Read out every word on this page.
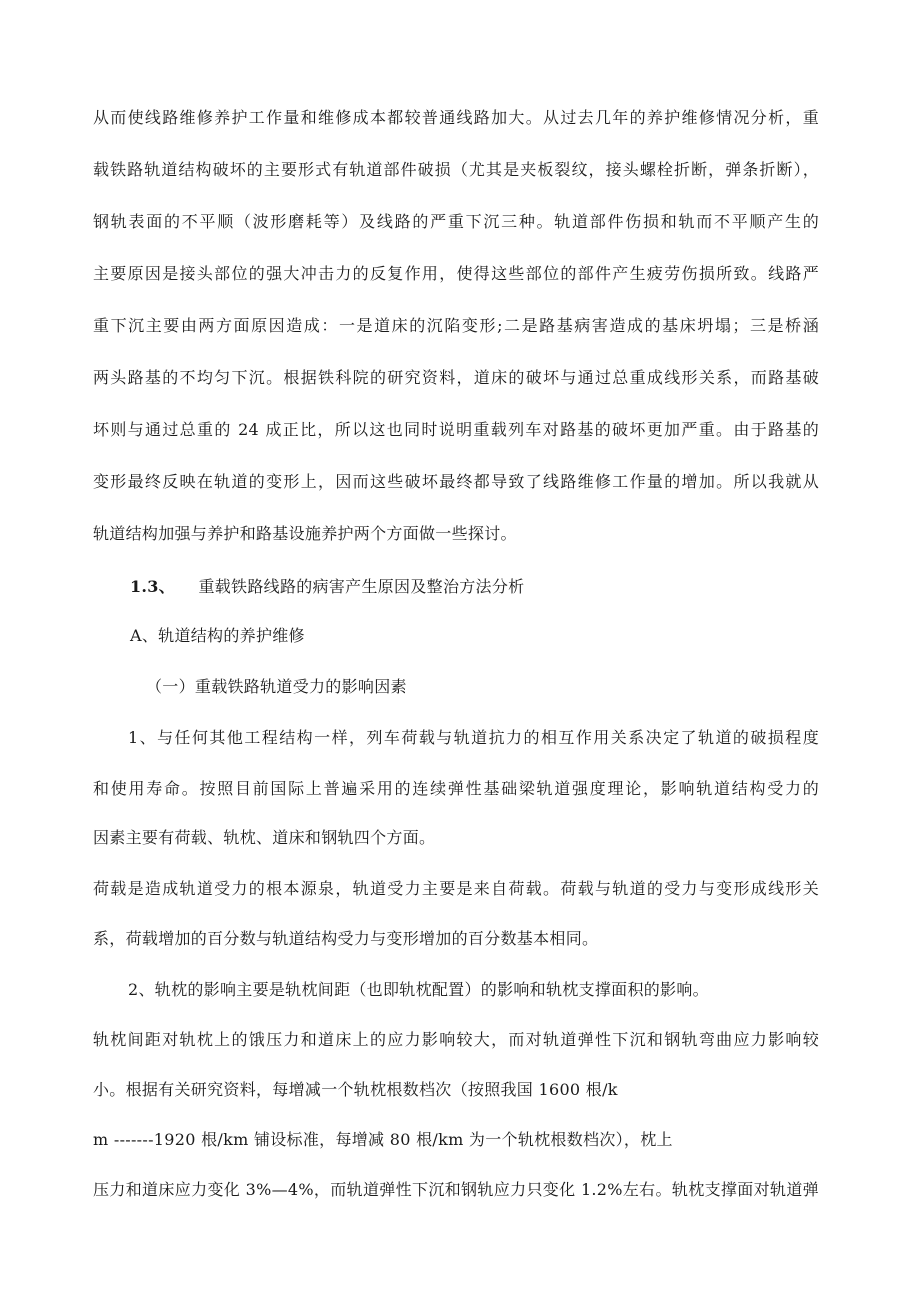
从而使线路维修养护工作量和维修成本都较普通线路加大。从过去几年的养护维修情况分析，重
载铁路轨道结构破坏的主要形式有轨道部件破损（尤其是夹板裂纹，接头螺栓折断，弹条折断），
钢轨表面的不平顺（波形磨耗等）及线路的严重下沉三种。轨道部件伤损和轨而不平顺产生的
主要原因是接头部位的强大冲击力的反复作用，使得这些部位的部件产生疲劳伤损所致。线路严
重下沉主要由两方面原因造成：一是道床的沉陷变形;二是路基病害造成的基床坍塌；三是桥涵
两头路基的不均匀下沉。根据铁科院的研究资料，道床的破坏与通过总重成线形关系，而路基破
坏则与通过总重的 24 成正比，所以这也同时说明重载列车对路基的破坏更加严重。由于路基的
变形最终反映在轨道的变形上，因而这些破坏最终都导致了线路维修工作量的增加。所以我就从
轨道结构加强与养护和路基设施养护两个方面做一些探讨。
1.3、 重载铁路线路的病害产生原因及整治方法分析
A、轨道结构的养护维修
（一）重载铁路轨道受力的影响因素
1、与任何其他工程结构一样，列车荷载与轨道抗力的相互作用关系决定了轨道的破损程度
和使用寿命。按照目前国际上普遍采用的连续弹性基础梁轨道强度理论，影响轨道结构受力的
因素主要有荷载、轨枕、道床和钢轨四个方面。
荷载是造成轨道受力的根本源泉，轨道受力主要是来自荷载。荷载与轨道的受力与变形成线形关
系，荷载增加的百分数与轨道结构受力与变形增加的百分数基本相同。
2、轨枕的影响主要是轨枕间距（也即轨枕配置）的影响和轨枕支撑面积的影响。
轨枕间距对轨枕上的饿压力和道床上的应力影响较大，而对轨道弹性下沉和钢轨弯曲应力影响较
小。根据有关研究资料，每增减一个轨枕根数档次（按照我国 1600 根/k
m -------1920 根/km 铺设标准，每增减 80 根/km 为一个轨枕根数档次），枕上
压力和道床应力变化 3%—4%，而轨道弹性下沉和钢轨应力只变化 1.2%左右。轨枕支撑面对轨道弹
